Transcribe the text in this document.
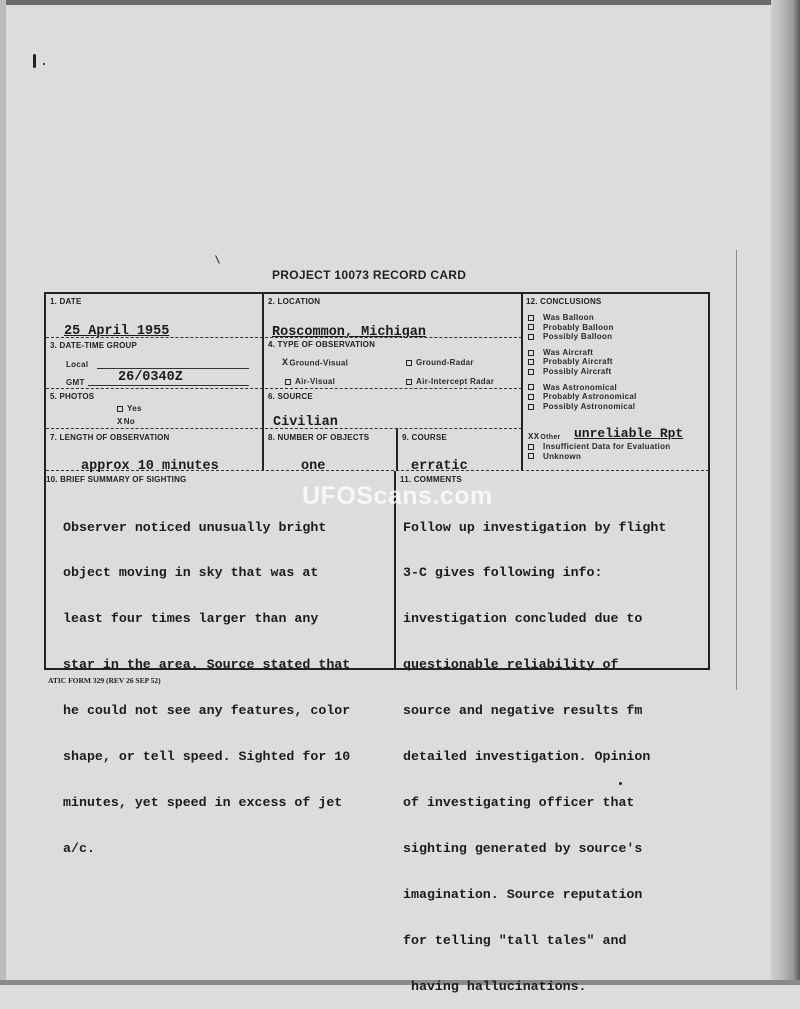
PROJECT 10073 RECORD CARD
1. DATE
25 April 1955
2. LOCATION
Roscommon, Michigan
3. DATE-TIME GROUP
Local
GMT 26/0340Z
4. TYPE OF OBSERVATION
XGround-Visual	Ground-Radar
Air-Visual	Air-Intercept Radar
5. PHOTOS
Yes
XNo
6. SOURCE
Civilian
7. LENGTH OF OBSERVATION
approx 10 minutes
8. NUMBER OF OBJECTS
one
9. COURSE
erratic
12. CONCLUSIONS
Was Balloon
Probably Balloon
Possibly Balloon
Was Aircraft
Probably Aircraft
Possibly Aircraft
Was Astronomical
Probably Astronomical
Possibly Astronomical
XXOther unreliable Rpt
Insufficient Data for Evaluation
Unknown
10. BRIEF SUMMARY OF SIGHTING

Observer noticed unusually bright

object moving in sky that was at

least four times larger than any

star in the area. Source stated that

he could not see any features, color

shape, or tell speed. Sighted for 10

minutes, yet speed in excess of jet

a/c.

11. COMMENTS

Follow up investigation by flight

3-C gives following info:

investigation concluded due to

questionable reliability of

source and negative results fm

detailed investigation. Opinion

of investigating officer that

sighting generated by source's

imagination. Source reputation

for telling "tall tales" and

having hallucinations.

UFOScans.com
ATIC FORM 329 (REV 26 SEP 52)
